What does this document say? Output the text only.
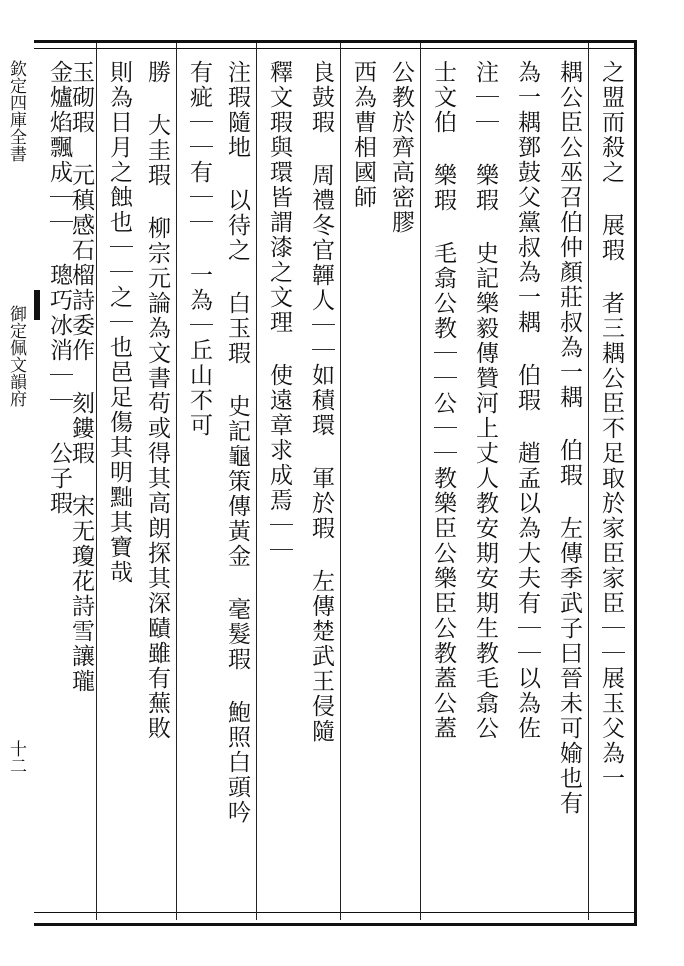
欽定四庫全書
御定佩文韻府
十二	之盟而殺之 展瑕 者三耦公臣不足取於家臣家臣｜｜展玉父為一
耦公臣公巫召伯仲顏莊叔為一耦 伯瑕 左傳季武子曰晉未可媮也有
為一耦鄧鼓父黨叔為一耦 伯瑕 趙孟以為大夫有｜｜以為佐
注｜｜ 樂瑕 史記樂毅傳贊河上丈人教安期安期生教毛翕公
士文伯 樂瑕 毛翕公教｜｜公｜｜教樂臣公樂臣公教蓋公蓋
公教於齊高密膠
西為曹相國師
良鼓瑕 周禮冬官韗人｜｜如積環 軍於瑕 左傳楚武王侵隨
釋文瑕與環皆謂漆之文理 使遠章求成焉｜｜
注瑕隨地 以待之 白玉瑕 史記龜策傳黃金 毫髮瑕 鮑照白頭吟
有疵｜｜有｜｜ 一為｜丘山不可
勝 大圭瑕 柳宗元論為文書苟或得其高朗探其深賾雖有蕪敗
則為日月之蝕也｜｜之｜也邑足傷其明黜其寶哉
玉砌瑕 元稹感石榴詩委作 刻鏤瑕 宋无瓊花詩雪讓瓏
金爐焰飄成｜｜ 璁巧冰消｜｜ 公子瑕
